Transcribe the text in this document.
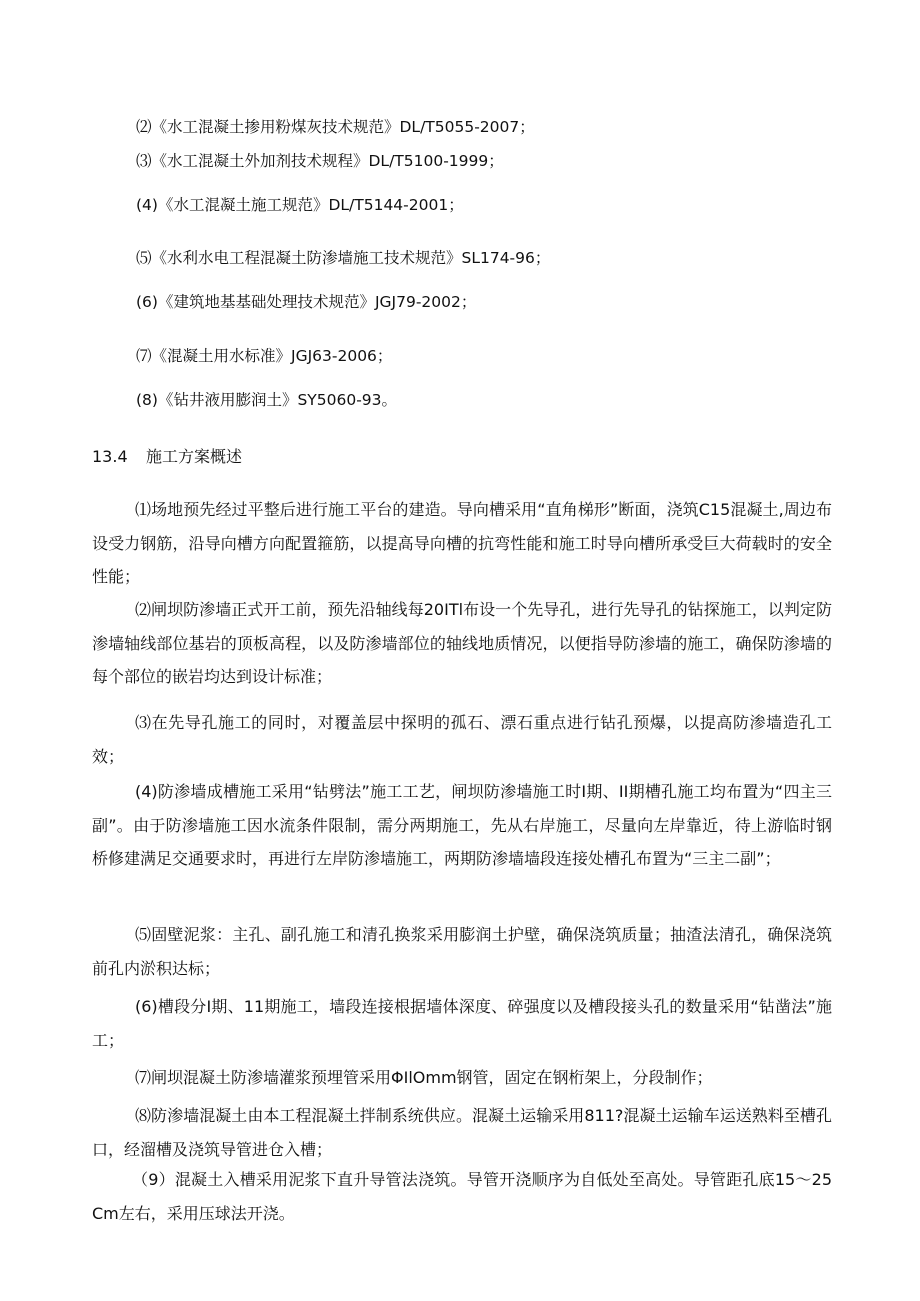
⑵《水工混凝土掺用粉煤灰技术规范》DL/T5055-2007；
⑶《水工混凝土外加剂技术规程》DL/T5100-1999；
(4)《水工混凝土施工规范》DL/T5144-2001；
⑸《水利水电工程混凝土防渗墙施工技术规范》SL174-96；
(6)《建筑地基基础处理技术规范》JGJ79-2002；
⑺《混凝土用水标准》JGJ63-2006；
(8)《钻井液用膨润土》SY5060-93。
13.4 施工方案概述
⑴场地预先经过平整后进行施工平台的建造。导向槽采用“直角梯形”断面，浇筑C15混凝土,周边布设受力钢筋，沿导向槽方向配置箍筋，以提高导向槽的抗弯性能和施工时导向槽所承受巨大荷载时的安全性能；
⑵闸坝防渗墙正式开工前，预先沿轴线每20ITl布设一个先导孔，进行先导孔的钻探施工，以判定防渗墙轴线部位基岩的顶板高程，以及防渗墙部位的轴线地质情况，以便指导防渗墙的施工，确保防渗墙的每个部位的嵌岩均达到设计标准；
⑶在先导孔施工的同时，对覆盖层中探明的孤石、漂石重点进行钻孔预爆，以提高防渗墙造孔工效；
(4)防渗墙成槽施工采用“钻劈法”施工工艺，闸坝防渗墙施工时I期、II期槽孔施工均布置为“四主三副”。由于防渗墙施工因水流条件限制，需分两期施工，先从右岸施工，尽量向左岸靠近，待上游临时钢桥修建满足交通要求时，再进行左岸防渗墙施工，两期防渗墙墙段连接处槽孔布置为“三主二副”；
⑸固壁泥浆：主孔、副孔施工和清孔换浆采用膨润土护壁，确保浇筑质量；抽渣法清孔，确保浇筑前孔内淤积达标；
(6)槽段分I期、11期施工，墙段连接根据墙体深度、碎强度以及槽段接头孔的数量采用“钻凿法”施工；
⑺闸坝混凝土防渗墙灌浆预埋管采用ΦIlOmm钢管，固定在钢桁架上，分段制作；
⑻防渗墙混凝土由本工程混凝土拌制系统供应。混凝土运输采用811?混凝土运输车运送熟料至槽孔口，经溜槽及浇筑导管进仓入槽；
（9）混凝土入槽采用泥浆下直升导管法浇筑。导管开浇顺序为自低处至高处。导管距孔底15～25Cm左右，采用压球法开浇。
